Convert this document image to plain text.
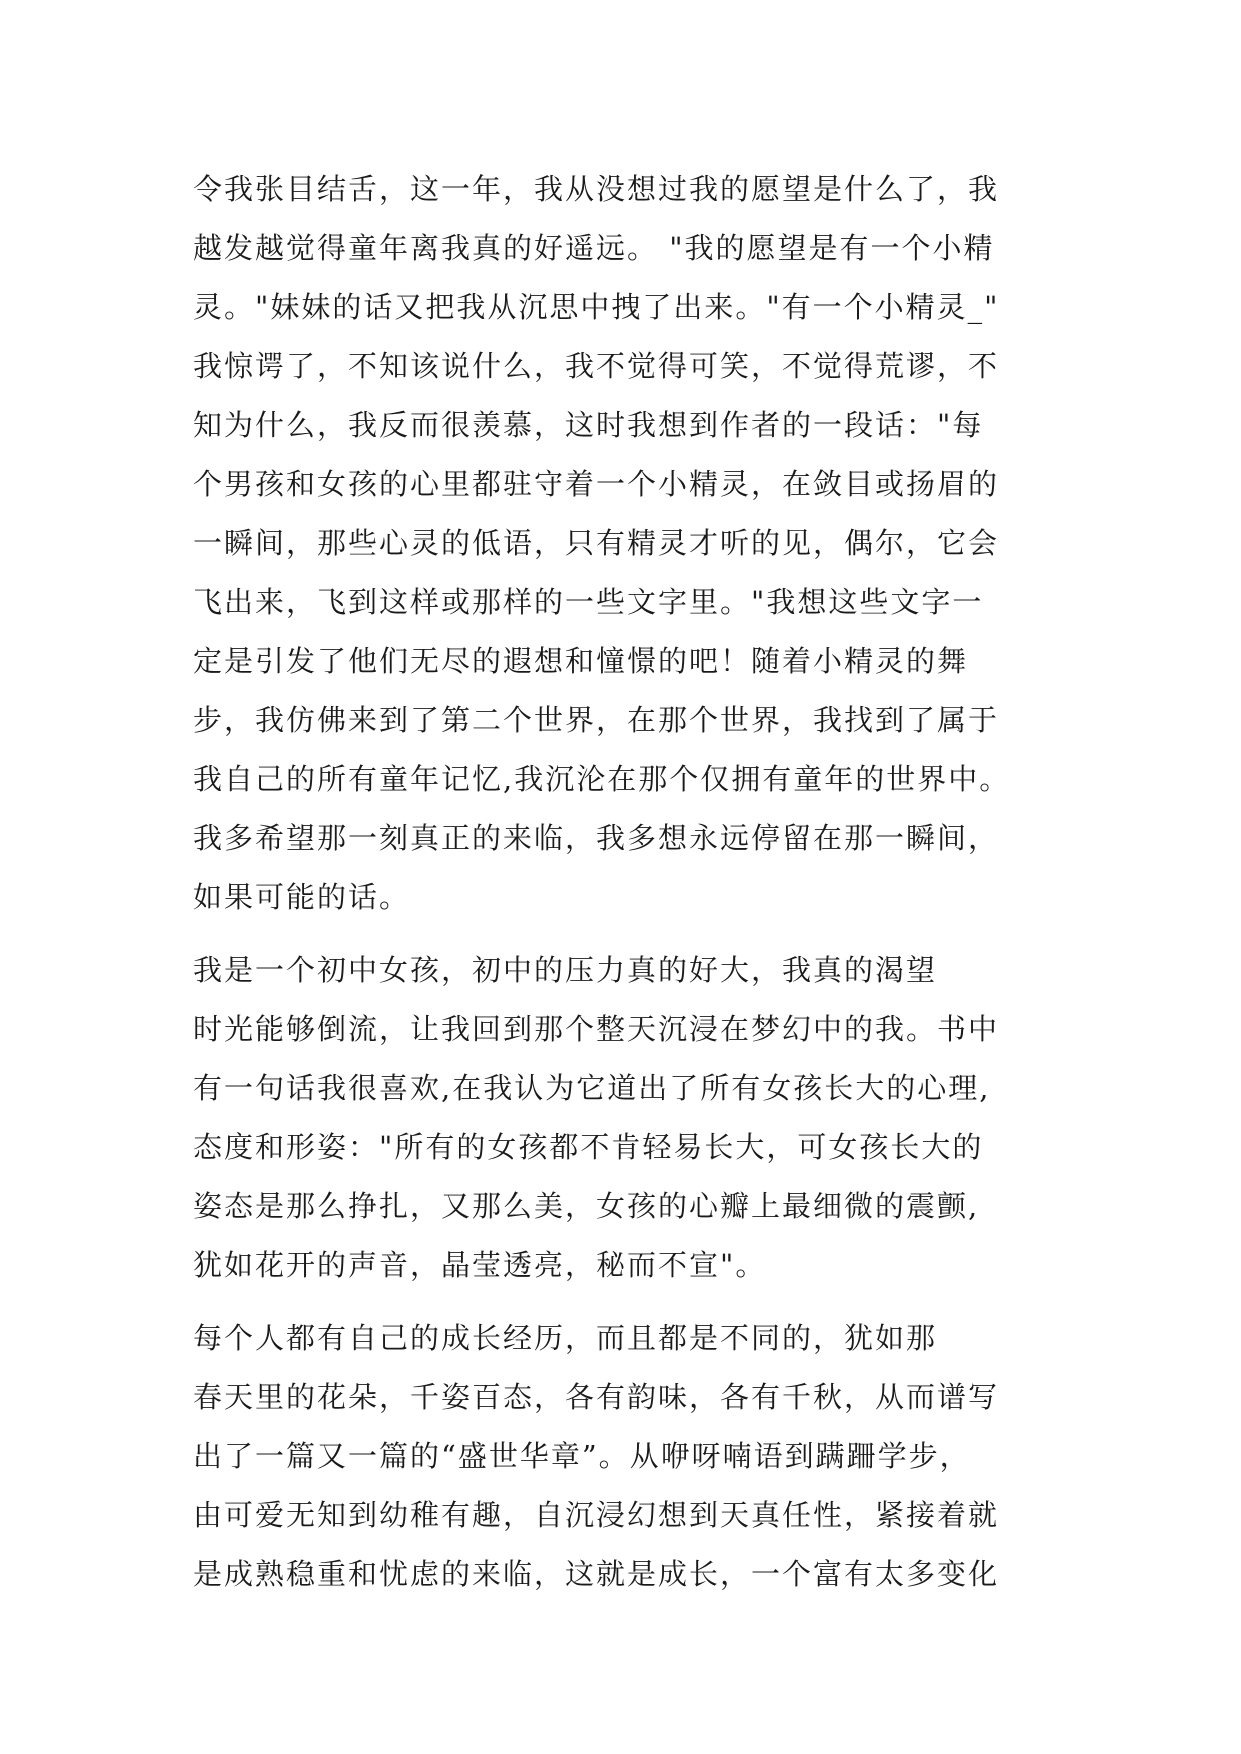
令我张目结舌，这一年，我从没想过我的愿望是什么了，我
越发越觉得童年离我真的好遥远。 "我的愿望是有一个小精
灵。"妹妹的话又把我从沉思中拽了出来。"有一个小精灵_"
我惊谔了，不知该说什么，我不觉得可笑，不觉得荒谬，不
知为什么，我反而很羡慕，这时我想到作者的一段话："每
个男孩和女孩的心里都驻守着一个小精灵，在敛目或扬眉的
一瞬间，那些心灵的低语，只有精灵才听的见，偶尔，它会
飞出来，飞到这样或那样的一些文字里。"我想这些文字一
定是引发了他们无尽的遐想和憧憬的吧！随着小精灵的舞
步，我仿佛来到了第二个世界，在那个世界，我找到了属于
我自己的所有童年记忆,我沉沦在那个仅拥有童年的世界中。
我多希望那一刻真正的来临，我多想永远停留在那一瞬间，
如果可能的话。
我是一个初中女孩，初中的压力真的好大，我真的渴望
时光能够倒流，让我回到那个整天沉浸在梦幻中的我。书中
有一句话我很喜欢,在我认为它道出了所有女孩长大的心理,
态度和形姿："所有的女孩都不肯轻易长大，可女孩长大的
姿态是那么挣扎，又那么美，女孩的心瓣上最细微的震颤,
犹如花开的声音，晶莹透亮，秘而不宣"。
每个人都有自己的成长经历，而且都是不同的，犹如那
春天里的花朵，千姿百态，各有韵味，各有千秋，从而谱写
出了一篇又一篇的“盛世华章”。从咿呀喃语到蹒跚学步，
由可爱无知到幼稚有趣，自沉浸幻想到天真任性，紧接着就
是成熟稳重和忧虑的来临，这就是成长，一个富有太多变化
